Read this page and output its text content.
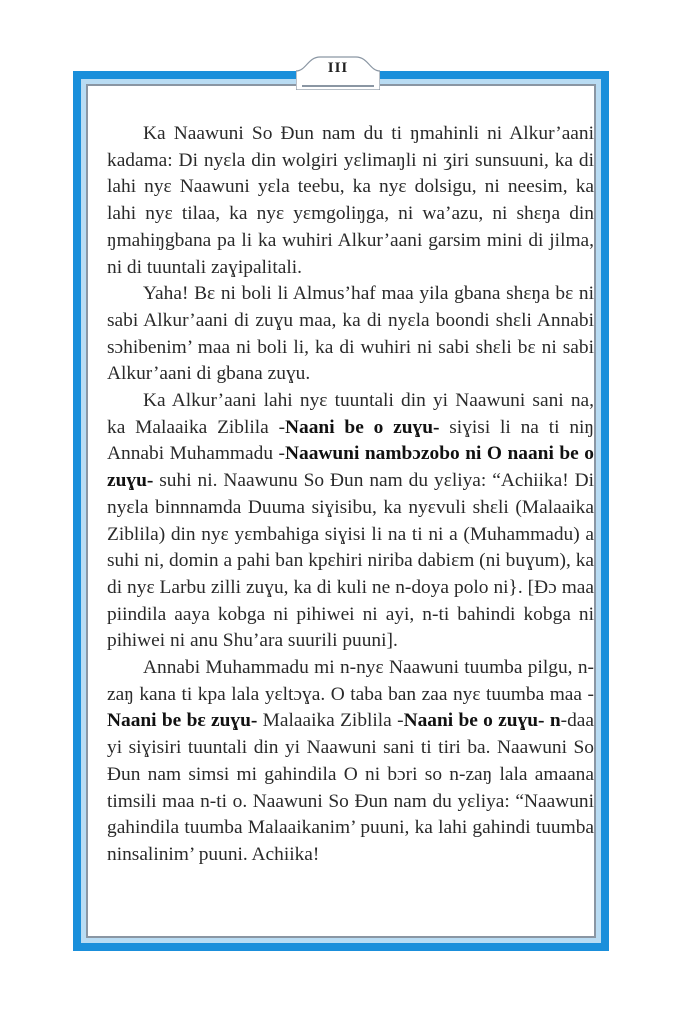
III

Ka Naawuni So Ɖun nam du ti ŋmahinli ni Alkur’aani kadama: Di nyɛla din wolgiri yɛlimaŋli ni ʒiri sunsuuni, ka di lahi nyɛ Naawuni yɛla teebu, ka nyɛ dolsigu, ni neesim, ka lahi nyɛ tilaa, ka nyɛ yɛmgoliŋga, ni wa’azu, ni shɛŋa din ŋmahiŋgbana pa li ka wuhiri Alkur’aani garsim mini di jilma, ni di tuuntali zaɣipalitali.

Yaha! Bɛ ni boli li Almus’haf maa yila gbana shɛŋa bɛ ni sabi Alkur’aani di zuɣu maa, ka di nyɛla boondi shɛli Annabi sɔhibenim’ maa ni boli li, ka di wuhiri ni sabi shɛli bɛ ni sabi Alkur’aani di gbana zuɣu.

Ka Alkur’aani lahi nyɛ tuuntali din yi Naawuni sani na, ka Malaaika Ziblila -Naani be o zuɣu- siɣisi li na ti niŋ Annabi Muhammadu -Naawuni nambɔzobo ni O naani be o zuɣu- suhi ni. Naawunu So Ɖun nam du yɛliya: “Achiika! Di nyɛla binnnamda Duuma siɣisibu, ka nyɛvuli shɛli (Malaaika Ziblila) din nyɛ yɛmbahiga siɣisi li na ti ni a (Muhammadu) a suhi ni, domin a pahi ban kpɛhiri niriba dabiɛm (ni buɣum), ka di nyɛ Larbu zilli zuɣu, ka di kuli ne n-doya polo ni}. [Ɖɔ maa piindila aaya kobga ni pihiwei ni ayi, n-ti bahindi kobga ni pihiwei ni anu Shu’ara suurili puuni].

Annabi Muhammadu mi n-nyɛ Naawuni tuumba pilgu, n-zaŋ kana ti kpa lala yɛltɔɣa. O taba ban zaa nyɛ tuumba maa -Naani be bɛ zuɣu- Malaaika Ziblila -Naani be o zuɣu- n-daa yi siɣisiri tuuntali din yi Naawuni sani ti tiri ba. Naawuni So Ɖun nam simsi mi gahindila O ni bɔri so n-zaŋ lala amaana timsili maa n-ti o. Naawuni So Ɖun nam du yɛliya: “Naawuni gahindila tuumba Malaaikanim’ puuni, ka lahi gahindi tuumba ninsalinim’ puuni. Achiika!
